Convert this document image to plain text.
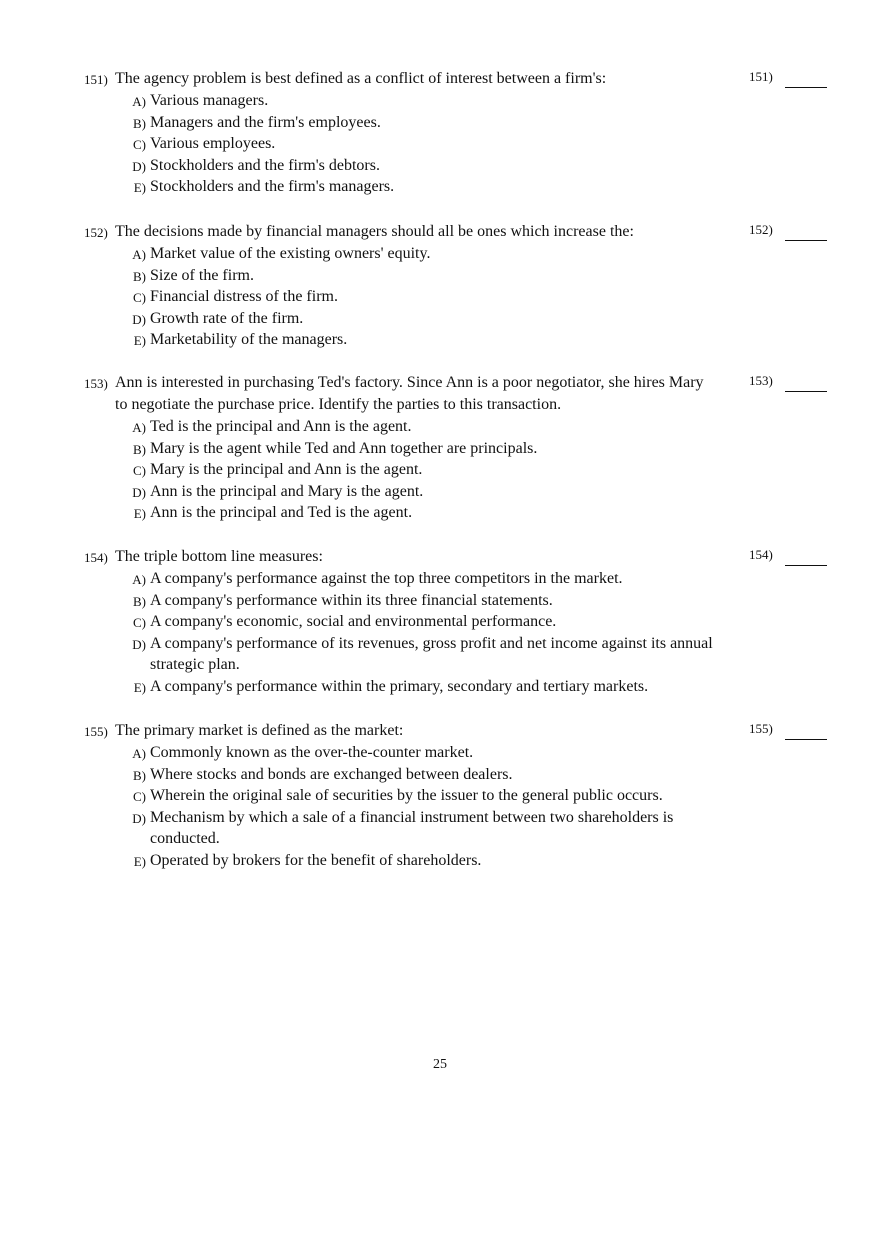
151) The agency problem is best defined as a conflict of interest between a firm's:	151)
A) Various managers.
B) Managers and the firm's employees.
C) Various employees.
D) Stockholders and the firm's debtors.
E) Stockholders and the firm's managers.
152) The decisions made by financial managers should all be ones which increase the:	152)
A) Market value of the existing owners' equity.
B) Size of the firm.
C) Financial distress of the firm.
D) Growth rate of the firm.
E) Marketability of the managers.
153) Ann is interested in purchasing Ted's factory. Since Ann is a poor negotiator, she hires Mary to negotiate the purchase price. Identify the parties to this transaction.
153)
A) Ted is the principal and Ann is the agent.
B) Mary is the agent while Ted and Ann together are principals.
C) Mary is the principal and Ann is the agent.
D) Ann is the principal and Mary is the agent.
E) Ann is the principal and Ted is the agent.
154) The triple bottom line measures:	154)
A) A company's performance against the top three competitors in the market.
B) A company's performance within its three financial statements.
C) A company's economic, social and environmental performance.
D) A company's performance of its revenues, gross profit and net income against its annual strategic plan.
E) A company's performance within the primary, secondary and tertiary markets.
155) The primary market is defined as the market:	155)
A) Commonly known as the over-the-counter market.
B) Where stocks and bonds are exchanged between dealers.
C) Wherein the original sale of securities by the issuer to the general public occurs.
D) Mechanism by which a sale of a financial instrument between two shareholders is conducted.
E) Operated by brokers for the benefit of shareholders.
25
